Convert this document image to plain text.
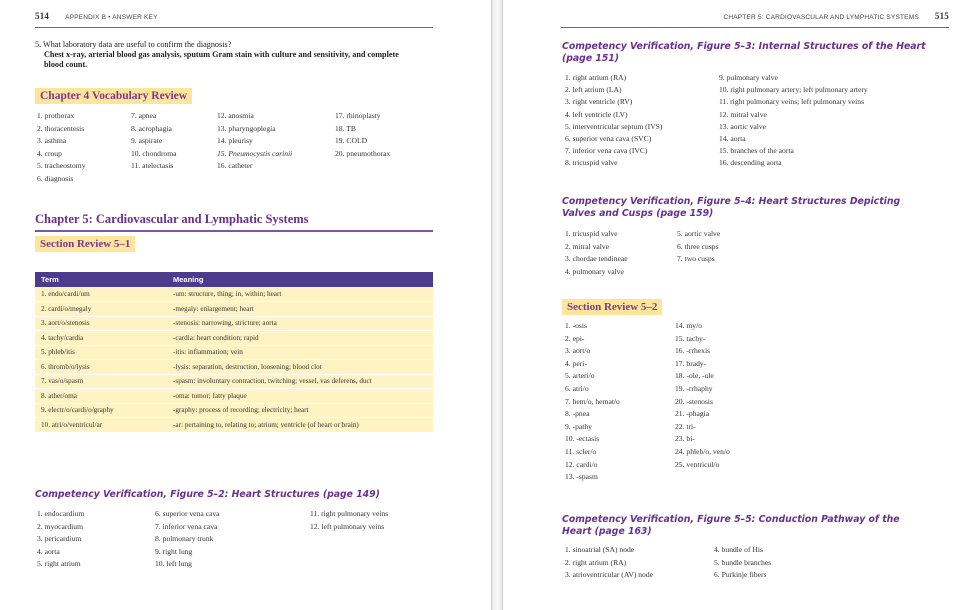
514 APPENDIX B • ANSWER KEY
5. What laboratory data are useful to confirm the diagnosis?
Chest x-ray, arterial blood gas analysis, sputum Gram stain with culture and sensitivity, and complete
blood count.
Chapter 4 Vocabulary Review
1. prothorax
2. thoracentesis
3. asthma
4. croup
5. tracheostomy
6. diagnosis
7. apnea
8. acrophagia
9. aspirate
10. chondroma
11. atelectasis
12. anosmia
13. pharyngoplegia
14. pleurisy
15. Pneumocystis carinii
16. catheter
17. rhinoplasty
18. TB
19. COLD
20. pneumothorax
Chapter 5: Cardiovascular and Lymphatic Systems
Section Review 5–1
Term	Meaning
1. endo/cardi/um	-um: structure, thing; in, within; heart
2. cardi/o/megaly	-megaly: enlargement; heart
3. aort/o/stenosis	-stenosis: narrowing, stricture; aorta
4. tachy/cardia	-cardia: heart condition; rapid
5. phleb/itis	-itis: inflammation; vein
6. thromb/o/lysis	-lysis: separation, destruction, loosening; blood clot
7. vas/o/spasm	-spasm: involuntary contraction, twitching; vessel, vas deferens, duct
8. ather/oma	-oma: tumor; fatty plaque
9. electr/o/cardi/o/graphy	-graphy: process of recording; electricity; heart
10. atri/o/ventricul/ar	-ar: pertaining to, relating to; atrium; ventricle (of heart or brain)
Competency Verification, Figure 5–2: Heart Structures (page 149)
1. endocardium
2. myocardium
3. pericardium
4. aorta
5. right atrium
6. superior vena cava
7. inferior vena cava
8. pulmonary trunk
9. right lung
10. left lung
11. right pulmonary veins
12. left pulmonary veins
CHAPTER 5: CARDIOVASCULAR AND LYMPHATIC SYSTEMS 515
Competency Verification, Figure 5–3: Internal Structures of the Heart
(page 151)
1. right atrium (RA)
2. left atrium (LA)
3. right ventricle (RV)
4. left ventricle (LV)
5. interventricular septum (IVS)
6. superior vena cava (SVC)
7. inferior vena cava (IVC)
8. tricuspid valve
9. pulmonary valve
10. right pulmonary artery; left pulmonary artery
11. right pulmonary veins; left pulmonary veins
12. mitral valve
13. aortic valve
14. aorta
15. branches of the aorta
16. descending aorta
Competency Verification, Figure 5–4: Heart Structures Depicting
Valves and Cusps (page 159)
1. tricuspid valve
2. mitral valve
3. chordae tendineae
4. pulmonary valve
5. aortic valve
6. three cusps
7. two cusps
Section Review 5–2
1. -osis
2. epi-
3. aort/o
4. peri-
5. arteri/o
6. atri/o
7. hem/o, hemat/o
8. -pnea
9. -pathy
10. -ectasis
11. scler/o
12. cardi/o
13. -spasm
14. my/o
15. tachy-
16. -rrhexis
17. brady-
18. -ole, -ule
19. -rrhaphy
20. -stenosis
21. -phagia
22. tri-
23. bi-
24. phleb/o, ven/o
25. ventricul/o
Competency Verification, Figure 5–5: Conduction Pathway of the
Heart (page 163)
1. sinoatrial (SA) node
2. right atrium (RA)
3. atrioventricular (AV) node
4. bundle of His
5. bundle branches
6. Purkinje fibers
